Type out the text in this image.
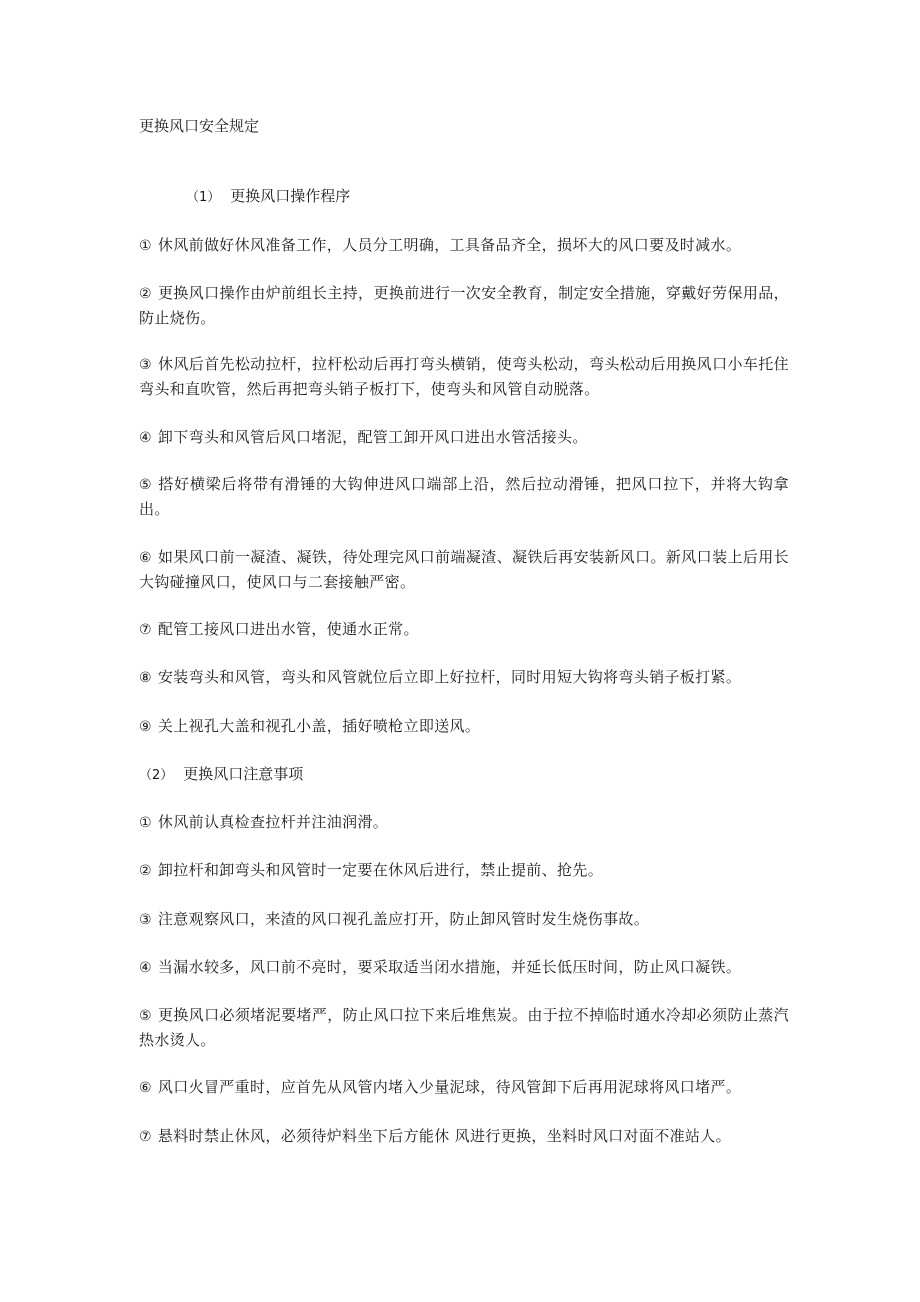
更换风口安全规定
（1） 更换风口操作程序

① 休风前做好休风准备工作，人员分工明确，工具备品齐全，损坏大的风口要及时减水。

② 更换风口操作由炉前组长主持，更换前进行一次安全教育，制定安全措施，穿戴好劳保用品，防止烧伤。

③ 休风后首先松动拉杆，拉杆松动后再打弯头横销，使弯头松动，弯头松动后用换风口小车托住弯头和直吹管，然后再把弯头销子板打下，使弯头和风管自动脱落。

④ 卸下弯头和风管后风口堵泥，配管工卸开风口进出水管活接头。

⑤ 搭好横梁后将带有滑锤的大钩伸进风口端部上沿，然后拉动滑锤，把风口拉下，并将大钩拿出。

⑥ 如果风口前一凝渣、凝铁，待处理完风口前端凝渣、凝铁后再安装新风口。新风口装上后用长大钩碰撞风口，使风口与二套接触严密。

⑦ 配管工接风口进出水管，使通水正常。

⑧ 安装弯头和风管，弯头和风管就位后立即上好拉杆，同时用短大钩将弯头销子板打紧。

⑨ 关上视孔大盖和视孔小盖，插好喷枪立即送风。

（2） 更换风口注意事项

① 休风前认真检查拉杆并注油润滑。

② 卸拉杆和卸弯头和风管时一定要在休风后进行，禁止提前、抢先。

③ 注意观察风口，来渣的风口视孔盖应打开，防止卸风管时发生烧伤事故。

④ 当漏水较多，风口前不亮时，要采取适当闭水措施，并延长低压时间，防止风口凝铁。

⑤ 更换风口必须堵泥要堵严，防止风口拉下来后堆焦炭。由于拉不掉临时通水冷却必须防止蒸汽热水烫人。

⑥ 风口火冒严重时，应首先从风管内堵入少量泥球，待风管卸下后再用泥球将风口堵严。

⑦ 悬料时禁止休风，必须待炉料坐下后方能休 风进行更换，坐料时风口对面不准站人。
